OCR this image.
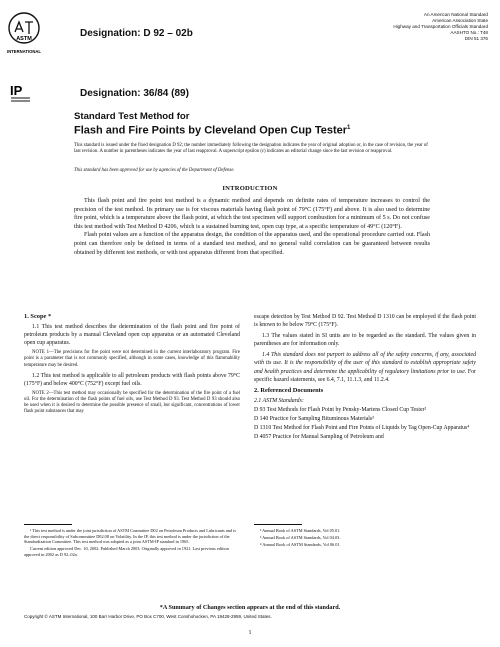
ASTM
INTERNATIONAL
Designation: D 92 – 02b
An American National Standard
American Association State
Highway and Transportation Officials Standard
AASHTO No.: T48
DIN 51 376
IP	Designation: 36/84 (89)
Standard Test Method for
Flash and Fire Points by Cleveland Open Cup Tester$^1$
This standard is issued under the fixed designation D 92; the number immediately following the designation indicates the year of original adoption or, in the case of revision, the year of last revision. A number in parentheses indicates the year of last reapproval. A superscript epsilon (ε) indicates an editorial change since the last revision or reapproval.
This standard has been approved for use by agencies of the Department of Defense.
INTRODUCTION

This flash point and fire point test method is a dynamic method and depends on definite rates of temperature increases to control the precision of the test method. Its primary use is for viscous materials having flash point of 79°C (175°F) and above. It is also used to determine fire point, which is a temperature above the flash point, at which the test specimen will support combustion for a minimum of 5 s. Do not confuse this test method with Test Method D 4206, which is a sustained burning test, open cup type, at a specific temperature of 49°C (120°F).

Flash point values are a function of the apparatus design, the condition of the apparatus used, and the operational procedure carried out. Flash point can therefore only be defined in terms of a standard test method, and no general valid correlation can be guaranteed between results obtained by different test methods, or with test apparatus different from that specified.

1. Scope *

1.1 This test method describes the determination of the flash point and fire point of petroleum products by a manual Cleveland open cup apparatus or an automated Cleveland open cup apparatus.

NOTE 1—The precisions for fire point were not determined in the current interlaboratory program. Fire point is a parameter that is not commonly specified, although in some cases, knowledge of this flammability temperature may be desired.

1.2 This test method is applicable to all petroleum products with flash points above 79°C (175°F) and below 400°C (752°F) except fuel oils.

NOTE 2—This test method may occasionally be specified for the determination of the fire point of a fuel oil. For the determination of the flash points of fuel oils, use Test Method D 93. Test Method D 93 should also be used when it is desired to determine the possible presence of small, but significant, concentrations of lower flash point substances that may

escape detection by Test Method D 92. Test Method D 1310 can be employed if the flash point is known to be below 79°C (175°F).

1.3 The values stated in SI units are to be regarded as the standard. The values given in parentheses are for information only.

1.4 This standard does not purport to address all of the safety concerns, if any, associated with its use. It is the responsibility of the user of this standard to establish appropriate safety and health practices and determine the applicability of regulatory limitations prior to use. For specific hazard statements, see 6.4, 7.1, 11.1.3, and 11.2.4.

2. Referenced Documents

2.1 ASTM Standards:

D 93 Test Methods for Flash Point by Pensky-Martens Closed Cup Tester²

D 140 Practice for Sampling Bituminous Materials³

D 1310 Test Method for Flash Point and Fire Points of Liquids by Tag Open-Cup Apparatus⁴

D 4057 Practice for Manual Sampling of Petroleum and

¹ This test method is under the joint jurisdiction of ASTM Committee D02 on Petroleum Products and Lubricants and is the direct responsibility of Subcommittee D02.08 on Volatility. In the IP, this test method is under the jurisdiction of the Standardization Committee. This test method was adopted as a joint ASTM-IP standard in 1965.

Current edition approved Dec. 10, 2002. Published March 2003. Originally approved in 1921. Last previous edition approved in 2002 as D 92–02a.

² Annual Book of ASTM Standards, Vol 05.01.

³ Annual Book of ASTM Standards, Vol 04.03.

⁴ Annual Book of ASTM Standards, Vol 06.01.

*A Summary of Changes section appears at the end of this standard.
Copyright © ASTM International, 100 Barr Harbor Drive, PO Box C700, West Conshohocken, PA 19428-2959, United States.
1
